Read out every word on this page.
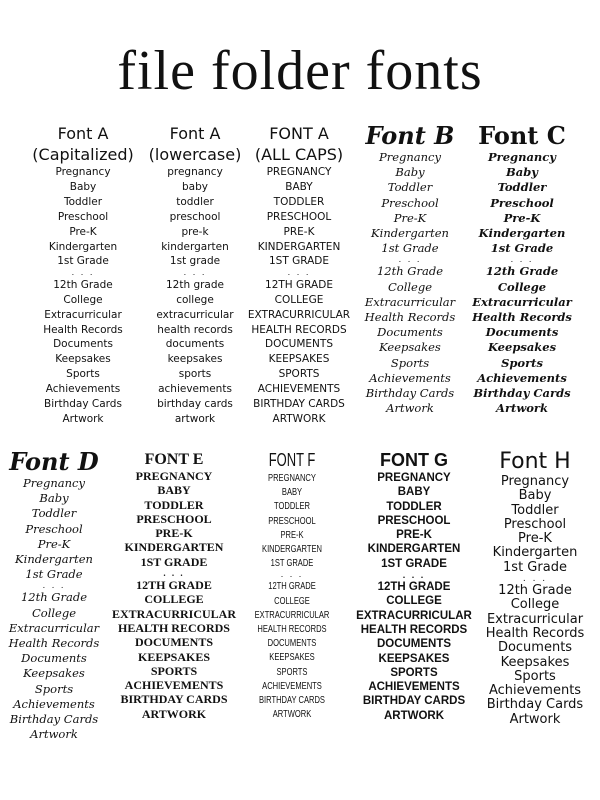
file folder fonts
Font A
(Capitalized)
Pregnancy
Baby
Toddler
Preschool
Pre-K
Kindergarten
1st Grade
. . .
12th Grade
College
Extracurricular
Health Records
Documents
Keepsakes
Sports
Achievements
Birthday Cards
Artwork
Font A
(lowercase)
pregnancy
baby
toddler
preschool
pre-k
kindergarten
1st grade
. . .
12th grade
college
extracurricular
health records
documents
keepsakes
sports
achievements
birthday cards
artwork
FONT A
(ALL CAPS)
PREGNANCY
BABY
TODDLER
PRESCHOOL
PRE-K
KINDERGARTEN
1ST GRADE
. . .
12TH GRADE
COLLEGE
EXTRACURRICULAR
HEALTH RECORDS
DOCUMENTS
KEEPSAKES
SPORTS
ACHIEVEMENTS
BIRTHDAY CARDS
ARTWORK
Font B
Pregnancy
Baby
Toddler
Preschool
Pre-K
Kindergarten
1st Grade
. . .
12th Grade
College
Extracurricular
Health Records
Documents
Keepsakes
Sports
Achievements
Birthday Cards
Artwork
Font C
Pregnancy
Baby
Toddler
Preschool
Pre-K
Kindergarten
1st Grade
. . .
12th Grade
College
Extracurricular
Health Records
Documents
Keepsakes
Sports
Achievements
Birthday Cards
Artwork
Font D
Pregnancy
Baby
Toddler
Preschool
Pre-K
Kindergarten
1st Grade
. . .
12th Grade
College
Extracurricular
Health Records
Documents
Keepsakes
Sports
Achievements
Birthday Cards
Artwork
FONT E
PREGNANCY
BABY
TODDLER
PRESCHOOL
PRE-K
KINDERGARTEN
1ST GRADE
. . .
12TH GRADE
COLLEGE
EXTRACURRICULAR
HEALTH RECORDS
DOCUMENTS
KEEPSAKES
SPORTS
ACHIEVEMENTS
BIRTHDAY CARDS
ARTWORK
FONT F
PREGNANCY
BABY
TODDLER
PRESCHOOL
PRE-K
KINDERGARTEN
1ST GRADE
. . .
12TH GRADE
COLLEGE
EXTRACURRICULAR
HEALTH RECORDS
DOCUMENTS
KEEPSAKES
SPORTS
ACHIEVEMENTS
BIRTHDAY CARDS
ARTWORK
FONT G
PREGNANCY
BABY
TODDLER
PRESCHOOL
PRE-K
KINDERGARTEN
1ST GRADE
. . .
12TH GRADE
COLLEGE
EXTRACURRICULAR
HEALTH RECORDS
DOCUMENTS
KEEPSAKES
SPORTS
ACHIEVEMENTS
BIRTHDAY CARDS
ARTWORK
Font H
Pregnancy
Baby
Toddler
Preschool
Pre-K
Kindergarten
1st Grade
. . .
12th Grade
College
Extracurricular
Health Records
Documents
Keepsakes
Sports
Achievements
Birthday Cards
Artwork
